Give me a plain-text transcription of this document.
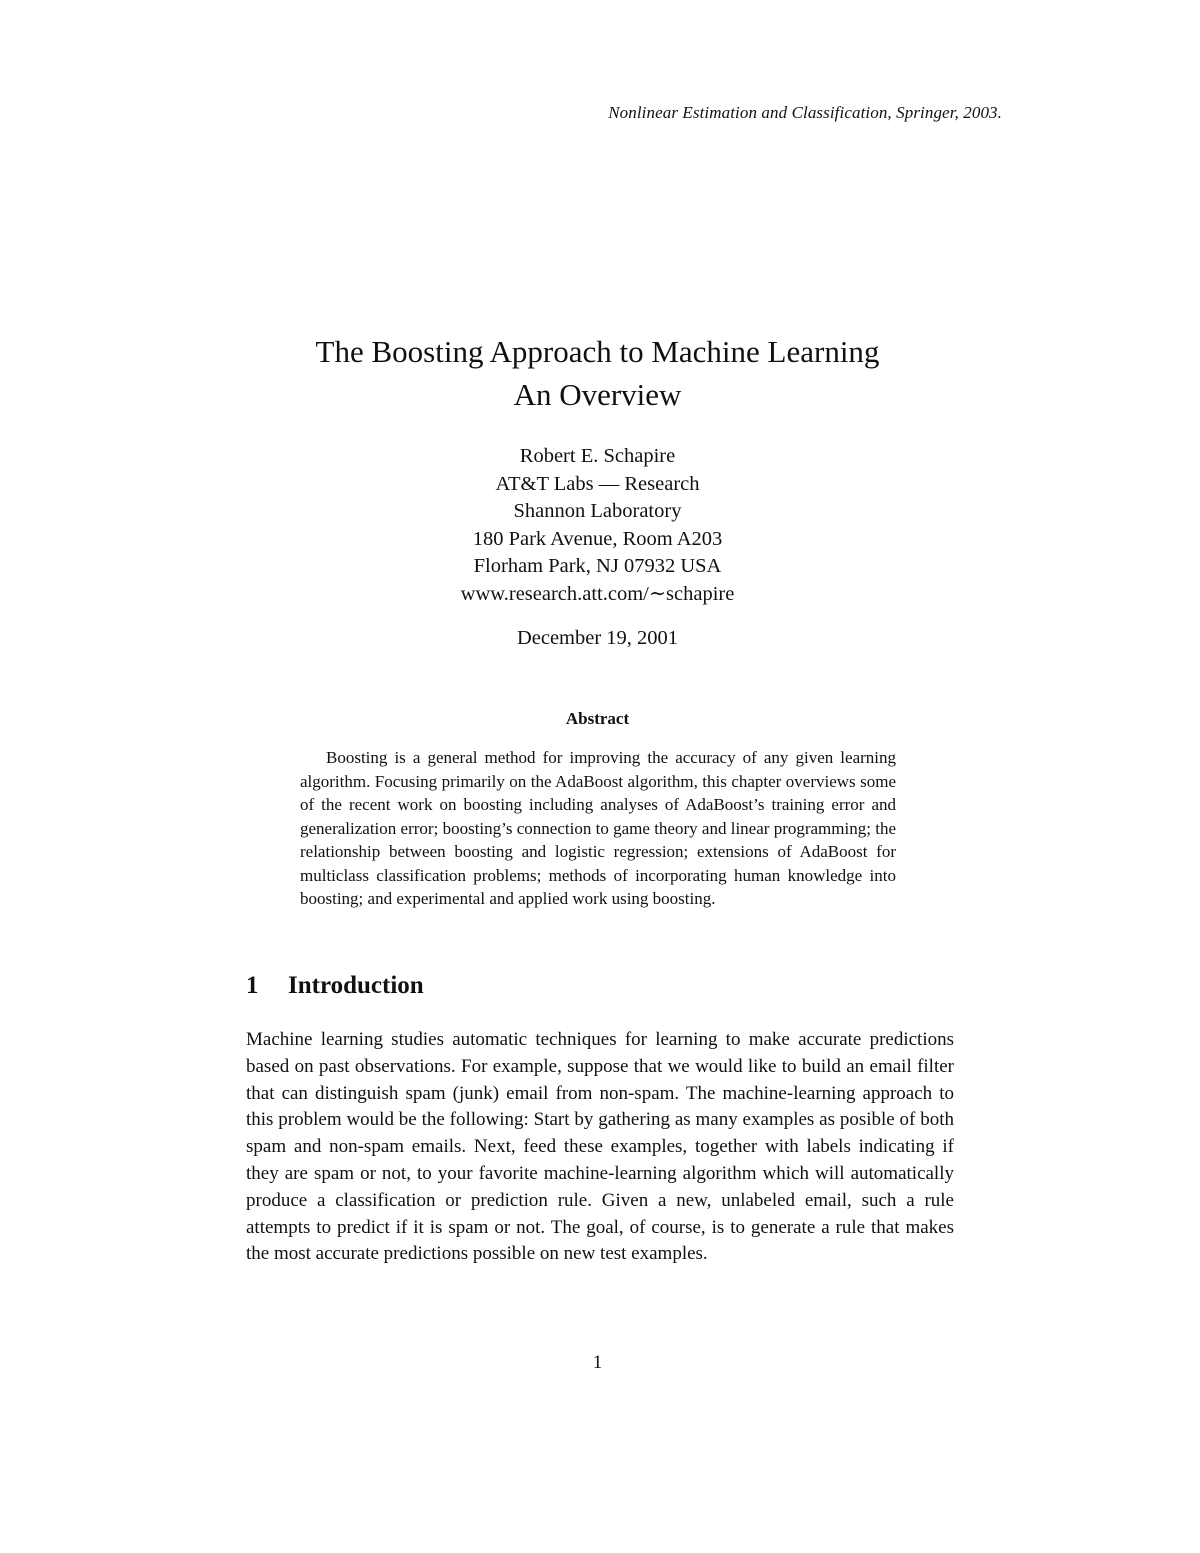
Nonlinear Estimation and Classification, Springer, 2003.
The Boosting Approach to Machine Learning
An Overview
Robert E. Schapire
AT&T Labs — Research
Shannon Laboratory
180 Park Avenue, Room A203
Florham Park, NJ 07932 USA
www.research.att.com/∼schapire
December 19, 2001
Abstract
Boosting is a general method for improving the accuracy of any given learning algorithm. Focusing primarily on the AdaBoost algorithm, this chapter overviews some of the recent work on boosting including analyses of AdaBoost’s training error and generalization error; boosting’s connection to game theory and linear programming; the relationship between boosting and logistic regression; extensions of AdaBoost for multiclass classification problems; methods of incorporating human knowledge into boosting; and experimental and applied work using boosting.
1 Introduction
Machine learning studies automatic techniques for learning to make accurate predictions based on past observations. For example, suppose that we would like to build an email filter that can distinguish spam (junk) email from non-spam. The machine-learning approach to this problem would be the following: Start by gathering as many examples as posible of both spam and non-spam emails. Next, feed these examples, together with labels indicating if they are spam or not, to your favorite machine-learning algorithm which will automatically produce a classification or prediction rule. Given a new, unlabeled email, such a rule attempts to predict if it is spam or not. The goal, of course, is to generate a rule that makes the most accurate predictions possible on new test examples.
1
